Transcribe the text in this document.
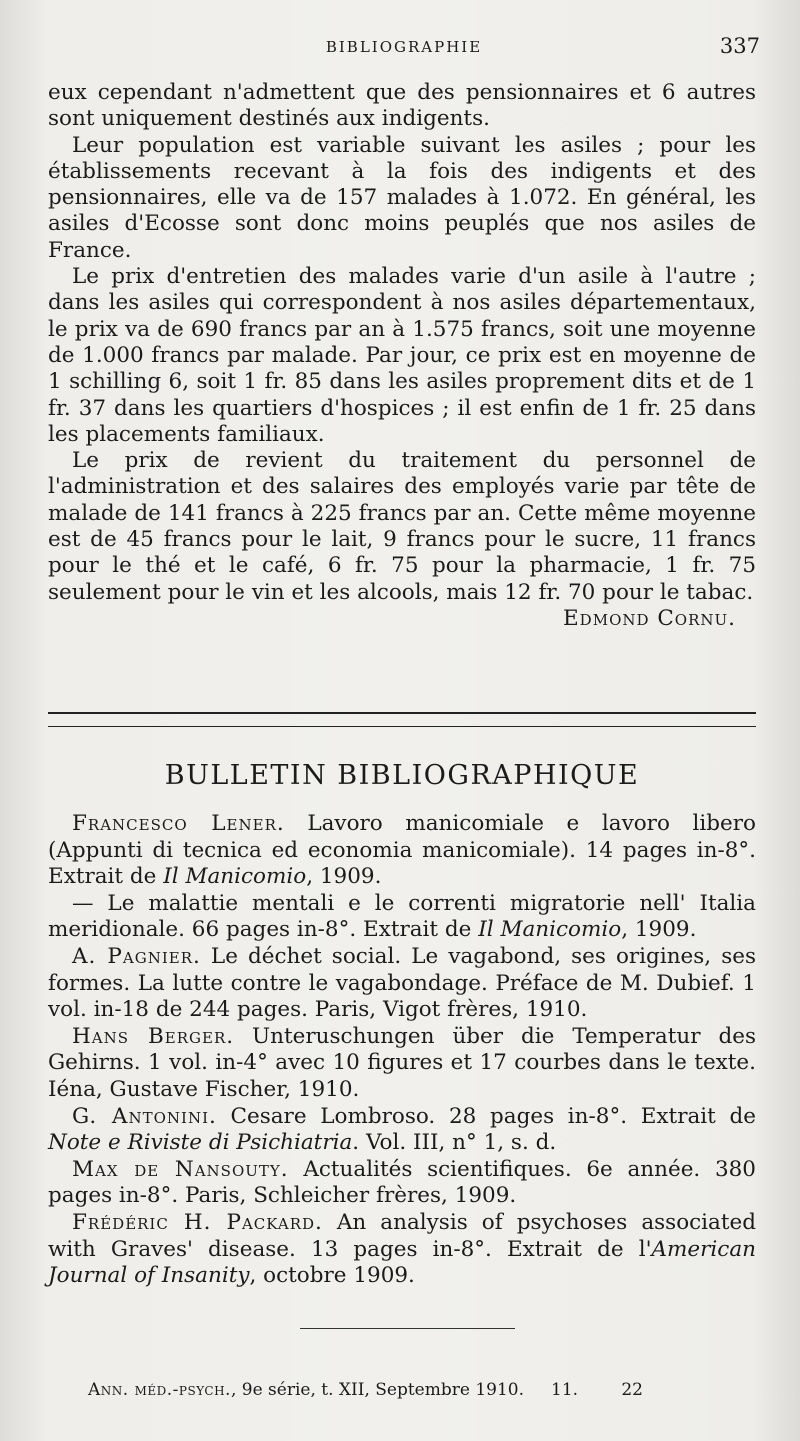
BIBLIOGRAPHIE	337

eux cependant n'admettent que des pensionnaires et 6 autres sont uniquement destinés aux indigents.

Leur population est variable suivant les asiles ; pour les établissements recevant à la fois des indigents et des pensionnaires, elle va de 157 malades à 1.072. En général, les asiles d'Ecosse sont donc moins peuplés que nos asiles de France.

Le prix d'entretien des malades varie d'un asile à l'autre ; dans les asiles qui correspondent à nos asiles départementaux, le prix va de 690 francs par an à 1.575 francs, soit une moyenne de 1.000 francs par malade. Par jour, ce prix est en moyenne de 1 schilling 6, soit 1 fr. 85 dans les asiles proprement dits et de 1 fr. 37 dans les quartiers d'hospices ; il est enfin de 1 fr. 25 dans les placements familiaux.

Le prix de revient du traitement du personnel de l'administration et des salaires des employés varie par tête de malade de 141 francs à 225 francs par an. Cette même moyenne est de 45 francs pour le lait, 9 francs pour le sucre, 11 francs pour le thé et le café, 6 fr. 75 pour la pharmacie, 1 fr. 75 seulement pour le vin et les alcools, mais 12 fr. 70 pour le tabac.

Edmond Cornu.

BULLETIN BIBLIOGRAPHIQUE

Francesco Lener. Lavoro manicomiale e lavoro libero (Appunti di tecnica ed economia manicomiale). 14 pages in-8°. Extrait de Il Manicomio, 1909.

— Le malattie mentali e le correnti migratorie nell' Italia meridionale. 66 pages in-8°. Extrait de Il Manicomio, 1909.

A. Pagnier. Le déchet social. Le vagabond, ses origines, ses formes. La lutte contre le vagabondage. Préface de M. Dubief. 1 vol. in-18 de 244 pages. Paris, Vigot frères, 1910.

Hans Berger. Unteruschungen über die Temperatur des Gehirns. 1 vol. in-4° avec 10 figures et 17 courbes dans le texte. Iéna, Gustave Fischer, 1910.

G. Antonini. Cesare Lombroso. 28 pages in-8°. Extrait de Note e Riviste di Psichiatria. Vol. III, n° 1, s. d.

Max de Nansouty. Actualités scientifiques. 6e année. 380 pages in-8°. Paris, Schleicher frères, 1909.

Frédéric H. Packard. An analysis of psychoses associated with Graves' disease. 13 pages in-8°. Extrait de l'American Journal of Insanity, octobre 1909.

Ann. méd.-psych., 9e série, t. XII, Septembre 1910. 11.	22
